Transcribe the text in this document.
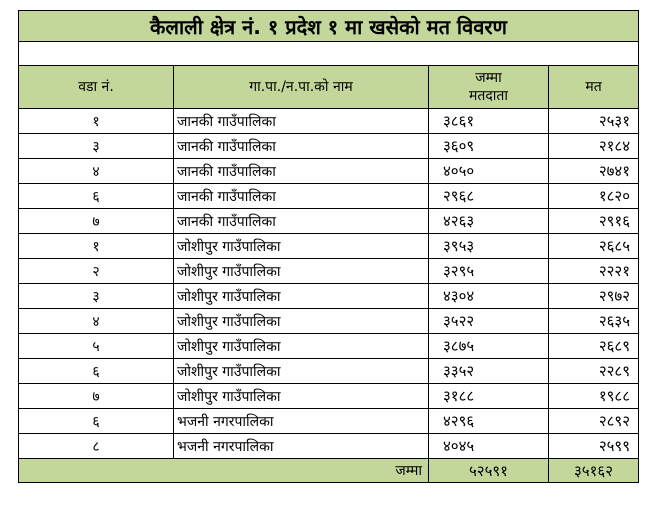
कैलाली क्षेत्र नं. १ प्रदेश १ मा खसेको मत विवरण			

वडा नं.	गा.पा./न.पा.को नाम	जम्मा मतदाता	मत
१	जानकी गाउँपालिका	३८६१	२५३१
३	जानकी गाउँपालिका	३६०९	२१८४
४	जानकी गाउँपालिका	४०५०	२७४१
६	जानकी गाउँपालिका	२९६८	१८२०
७	जानकी गाउँपालिका	४२६३	२९१६
१	जोशीपुर गाउँपालिका	३९५३	२६८५
२	जोशीपुर गाउँपालिका	३२९५	२२२१
३	जोशीपुर गाउँपालिका	४३०४	२९७२
४	जोशीपुर गाउँपालिका	३५२२	२६३५
५	जोशीपुर गाउँपालिका	३८७५	२६८९
६	जोशीपुर गाउँपालिका	३३५२	२२८९
७	जोशीपुर गाउँपालिका	३१८८	१९८८
६	भजनी नगरपालिका	४२९६	२८९२
८	भजनी नगरपालिका	४०४५	२५९९
जम्मा		५२५९१	३५१६२
